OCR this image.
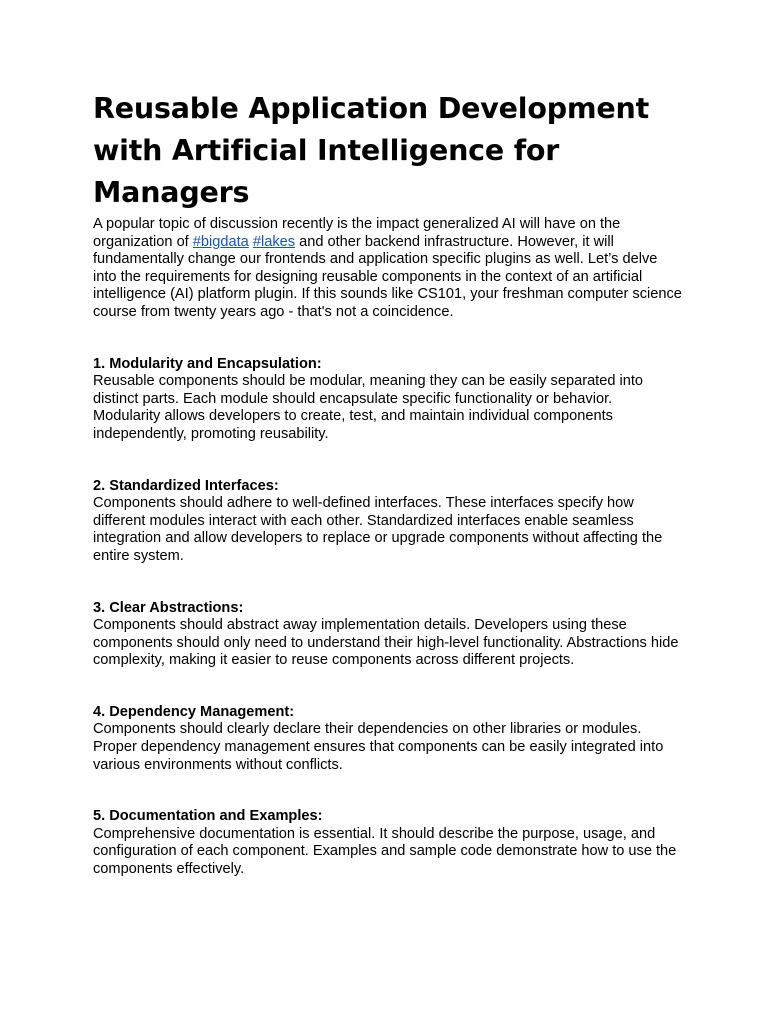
Reusable Application Development with Artificial Intelligence for Managers

A popular topic of discussion recently is the impact generalized AI will have on the organization of #bigdata #lakes and other backend infrastructure. However, it will fundamentally change our frontends and application specific plugins as well. Let’s delve into the requirements for designing reusable components in the context of an artificial intelligence (AI) platform plugin. If this sounds like CS101, your freshman computer science course from twenty years ago - that's not a coincidence.

1. Modularity and Encapsulation:

Reusable components should be modular, meaning they can be easily separated into distinct parts. Each module should encapsulate specific functionality or behavior. Modularity allows developers to create, test, and maintain individual components independently, promoting reusability.

2. Standardized Interfaces:

Components should adhere to well-defined interfaces. These interfaces specify how different modules interact with each other. Standardized interfaces enable seamless integration and allow developers to replace or upgrade components without affecting the entire system.

3. Clear Abstractions:

Components should abstract away implementation details. Developers using these components should only need to understand their high-level functionality. Abstractions hide complexity, making it easier to reuse components across different projects.

4. Dependency Management:

Components should clearly declare their dependencies on other libraries or modules. Proper dependency management ensures that components can be easily integrated into various environments without conflicts.

5. Documentation and Examples:

Comprehensive documentation is essential. It should describe the purpose, usage, and configuration of each component. Examples and sample code demonstrate how to use the components effectively.
